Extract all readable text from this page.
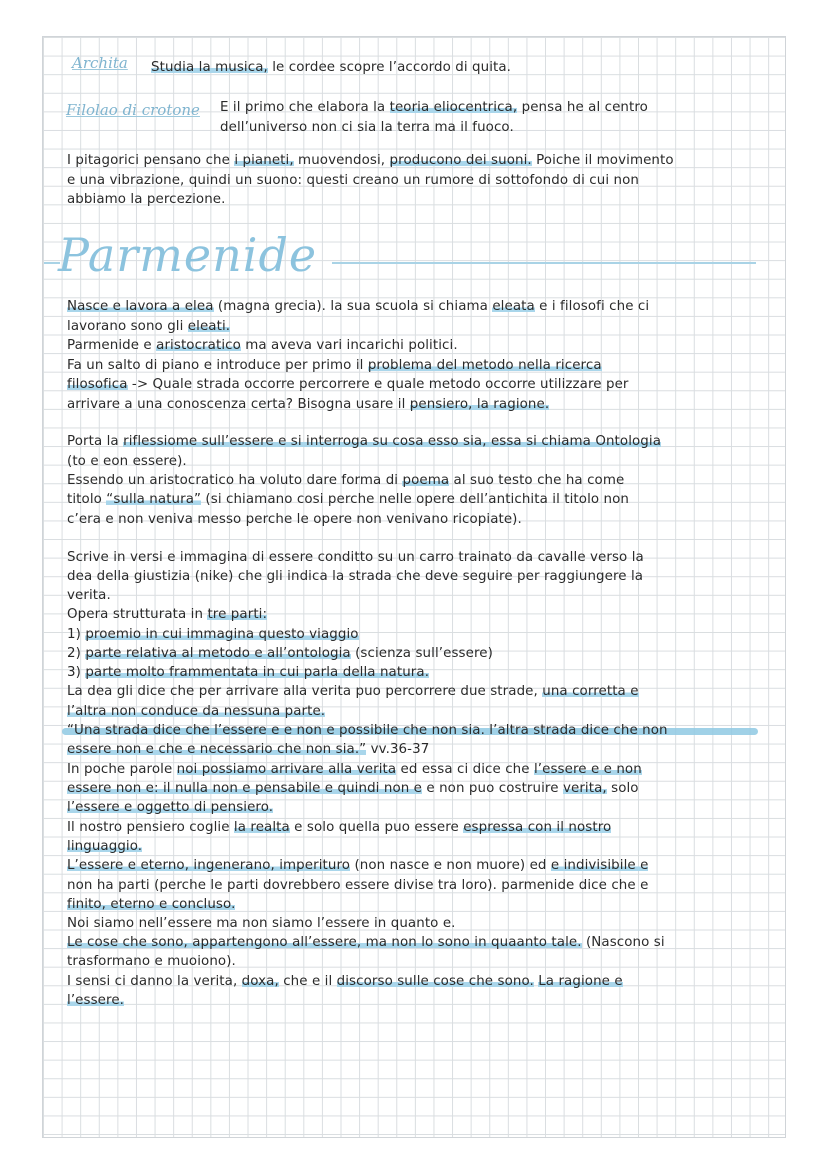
Archita Studia la musica, le cordee scopre l’accordo di quita.
Filolao di crotone E il primo che elabora la teoria eliocentrica, pensa he al centro
dell’universo non ci sia la terra ma il fuoco.
I pitagorici pensano che i pianeti, muovendosi, producono dei suoni. Poiche il movimento
e una vibrazione, quindi un suono: questi creano un rumore di sottofondo di cui non
abbiamo la percezione.
Parmenide
Nasce e lavora a elea (magna grecia). la sua scuola si chiama eleata e i filosofi che ci
lavorano sono gli eleati.
Parmenide e aristocratico ma aveva vari incarichi politici.
Fa un salto di piano e introduce per primo il problema del metodo nella ricerca
filosofica -> Quale strada occorre percorrere e quale metodo occorre utilizzare per
arrivare a una conoscenza certa? Bisogna usare il pensiero, la ragione.
Porta la riflessiome sull’essere e si interroga su cosa esso sia, essa si chiama Ontologia
(to e eon essere).
Essendo un aristocratico ha voluto dare forma di poema al suo testo che ha come
titolo “sulla natura” (si chiamano cosi perche nelle opere dell’antichita il titolo non
c’era e non veniva messo perche le opere non venivano ricopiate).
Scrive in versi e immagina di essere conditto su un carro trainato da cavalle verso la
dea della giustizia (nike) che gli indica la strada che deve seguire per raggiungere la
verita.
Opera strutturata in tre parti:
1) proemio in cui immagina questo viaggio
2) parte relativa al metodo e all’ontologia (scienza sull’essere)
3) parte molto frammentata in cui parla della natura.
La dea gli dice che per arrivare alla verita puo percorrere due strade, una corretta e
l’altra non conduce da nessuna parte.
“Una strada dice che l’essere e e non e possibile che non sia. l’altra strada dice che non
essere non e che e necessario che non sia.” vv.36-37
In poche parole noi possiamo arrivare alla verita ed essa ci dice che l’essere e e non
essere non e: il nulla non e pensabile e quindi non e e non puo costruire verita, solo
l’essere e oggetto di pensiero.
Il nostro pensiero coglie la realta e solo quella puo essere espressa con il nostro
linguaggio.
L’essere e eterno, ingenerano, imperituro (non nasce e non muore) ed e indivisibile e
non ha parti (perche le parti dovrebbero essere divise tra loro). parmenide dice che e
finito, eterno e concluso.
Noi siamo nell’essere ma non siamo l’essere in quanto e.
Le cose che sono, appartengono all’essere, ma non lo sono in quaanto tale. (Nascono si
trasformano e muoiono).
I sensi ci danno la verita, doxa, che e il discorso sulle cose che sono. La ragione e
l’essere.
